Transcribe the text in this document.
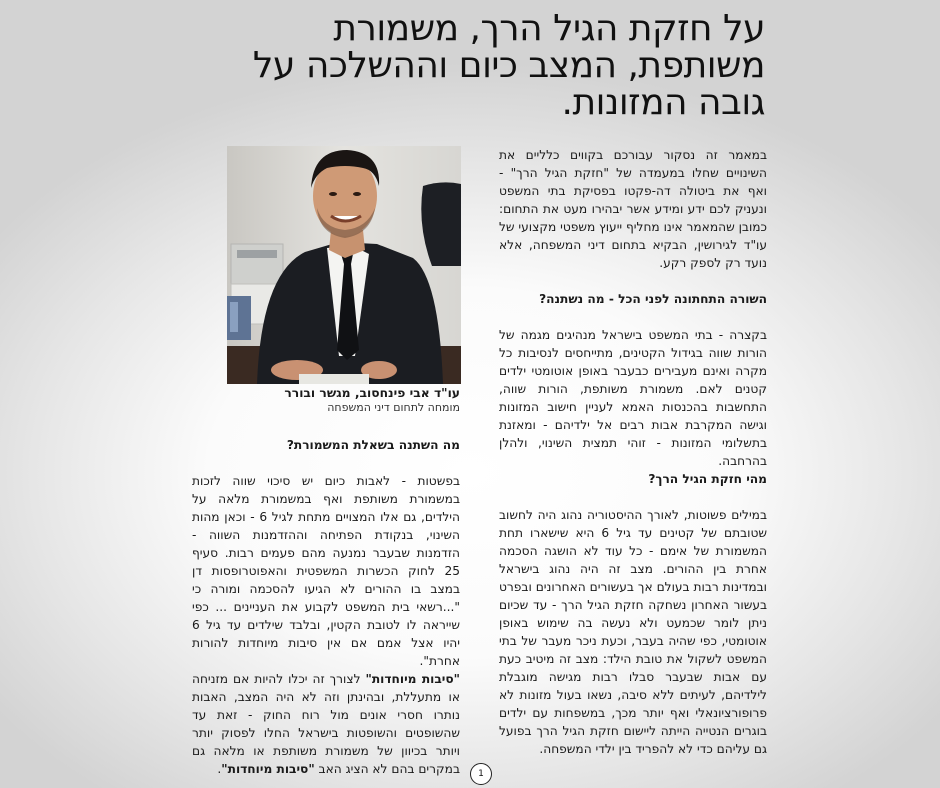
על חזקת הגיל הרך, משמורת משותפת, המצב כיום וההשלכה על גובה המזונות.

במאמר זה נסקור עבורכם בקווים כלליים את השינויים שחלו במעמדה של "חזקת הגיל הרך" - ואף את ביטולה דה-פקטו בפסיקת בתי המשפט ונעניק לכם ידע ומידע אשר יבהירו מעט את התחום: כמובן שהמאמר אינו מחליף ייעוץ משפטי מקצועי של עו"ד לגירושין, הבקיא בתחום דיני המשפחה, אלא נועד רק לספק רקע.

השורה התחתונה לפני הכל - מה נשתנה?

בקצרה - בתי המשפט בישראל מנהיגים מגמה של הורות שווה בגידול הקטינים, מתייחסים לנסיבות כל מקרה ואינם מעבירים כבעבר באופן אוטומטי ילדים קטנים לאם. משמורת משותפת, הורות שווה, התחשבות בהכנסות האמא לעניין חישוב המזונות וגישה המקרבת אבות רבים אל ילדיהם - ומאזנת בתשלומי המזונות - זוהי תמצית השינוי, ולהלן בהרחבה.

מהי חזקת הגיל הרך?

במילים פשוטות, לאורך ההיסטוריה נהוג היה לחשוב שטובתם של קטינים עד גיל 6 היא שישארו תחת המשמורת של אימם - כל עוד לא הושגה הסכמה אחרת בין ההורים. מצב זה היה נהוג בישראל ובמדינות רבות בעולם אך בעשורים האחרונים ובפרט בעשור האחרון נשחקה חזקת הגיל הרך - עד שכיום ניתן לומר שכמעט ולא נעשה בה שימוש באופן אוטומטי, כפי שהיה בעבר, וכעת ניכר מעבר של בתי המשפט לשקול את טובת הילד: מצב זה מיטיב כעת עם אבות שבעבר סבלו רבות מגישה מוגבלת לילדיהם, לעיתים ללא סיבה, נשאו בעול מזונות לא פרופורציונאלי ואף יותר מכך, במשפחות עם ילדים בוגרים הנטייה הייתה ליישום חזקת הגיל הרך בפועל גם עליהם כדי לא להפריד בין ילדי המשפחה.

עו"ד אבי פינחסוב, מגשר ובורר
מומחה לתחום דיני המשפחה
מה השתנה בשאלת המשמורת?

בפשטות - לאבות כיום יש סיכוי שווה לזכות במשמורת משותפת ואף במשמורת מלאה על הילדים, גם אלו המצויים מתחת לגיל 6 - וכאן מהות השינוי, בנקודת הפתיחה וההזדמנות השווה - הזדמנות שבעבר נמנעה מהם פעמים רבות. סעיף 25 לחוק הכשרות המשפטית והאפוטרופסות דן במצב בו ההורים לא הגיעו להסכמה ומורה כי "...רשאי בית המשפט לקבוע את העניינים ... כפי שייראה לו לטובת הקטין, ובלבד שילדים עד גיל 6 יהיו אצל אמם אם אין סיבות מיוחדות להורות אחרת".

"סיבות מיוחדות" לצורך זה יכלו להיות אם מזניחה או מתעללת, ובהינתן וזה לא היה המצב, האבות נותרו חסרי אונים מול רוח החוק - זאת עד שהשופטים והשופטות בישראל החלו לפסוק יותר ויותר בכיוון של משמורת משותפת או מלאה גם במקרים בהם לא הציג האב "סיבות מיוחדות".	1
